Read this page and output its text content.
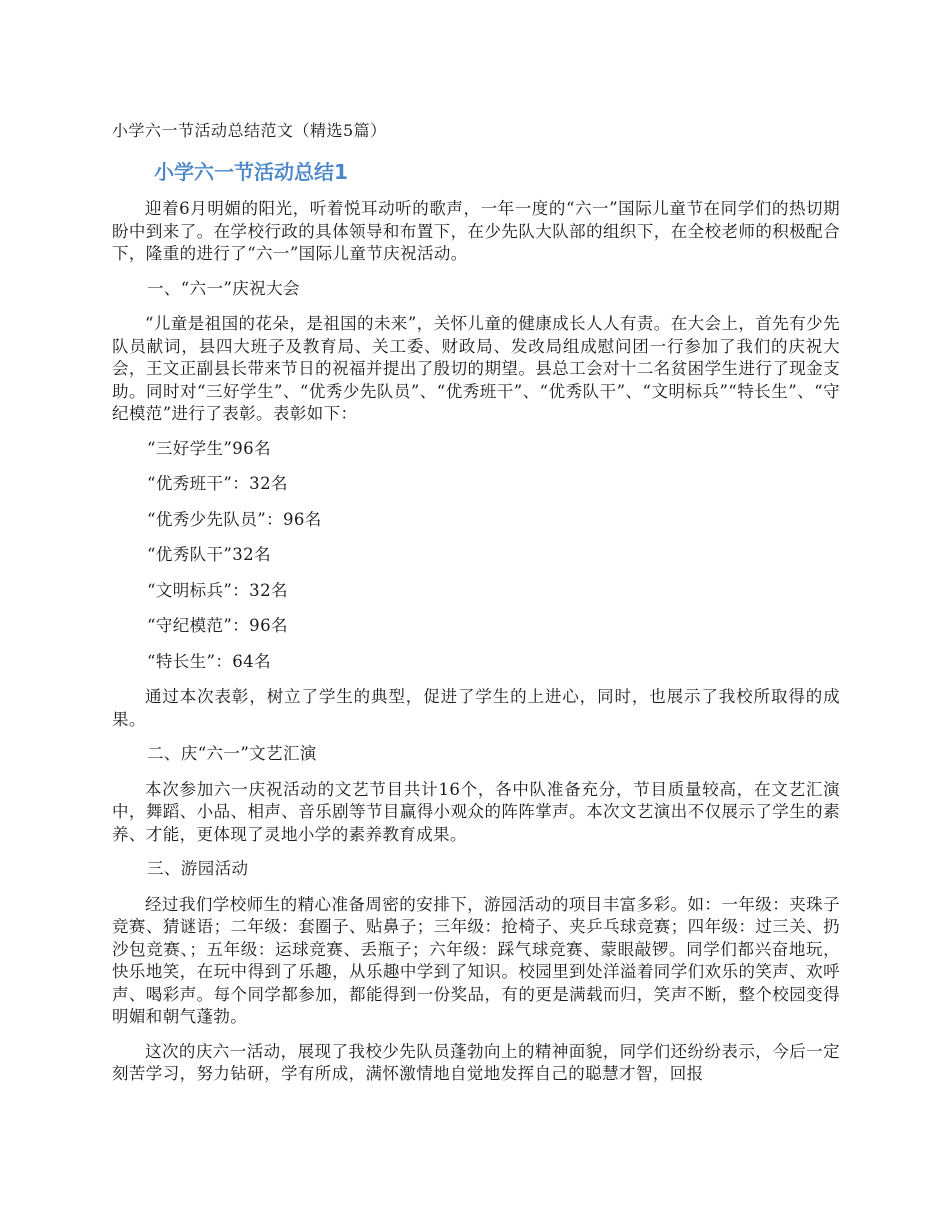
小学六一节活动总结范文（精选5篇）
小学六一节活动总结1

迎着6月明媚的阳光，听着悦耳动听的歌声，一年一度的“六一”国际儿童节在同学们的热切期盼中到来了。在学校行政的具体领导和布置下，在少先队大队部的组织下，在全校老师的积极配合下，隆重的进行了“六一”国际儿童节庆祝活动。

一、“六一”庆祝大会

“儿童是祖国的花朵，是祖国的未来”，关怀儿童的健康成长人人有责。在大会上，首先有少先队员献词，县四大班子及教育局、关工委、财政局、发改局组成慰问团一行参加了我们的庆祝大会，王文正副县长带来节日的祝福并提出了殷切的期望。县总工会对十二名贫困学生进行了现金支助。同时对“三好学生”、“优秀少先队员”、“优秀班干”、“优秀队干”、“文明标兵”“特长生”、“守纪模范”进行了表彰。表彰如下：

“三好学生”96名

“优秀班干”：32名

“优秀少先队员”：96名

“优秀队干”32名

“文明标兵”：32名

“守纪模范”：96名

“特长生”：64名

通过本次表彰，树立了学生的典型，促进了学生的上进心，同时，也展示了我校所取得的成果。

二、庆“六一”文艺汇演

本次参加六一庆祝活动的文艺节目共计16个，各中队准备充分，节目质量较高，在文艺汇演中，舞蹈、小品、相声、音乐剧等节目赢得小观众的阵阵掌声。本次文艺演出不仅展示了学生的素养、才能，更体现了灵地小学的素养教育成果。

三、游园活动

经过我们学校师生的精心准备周密的安排下，游园活动的项目丰富多彩。如：一年级：夹珠子竞赛、猜谜语；二年级：套圈子、贴鼻子；三年级：抢椅子、夹乒乓球竞赛；四年级：过三关、扔沙包竞赛、；五年级：运球竞赛、丢瓶子；六年级：踩气球竞赛、蒙眼敲锣。同学们都兴奋地玩，快乐地笑，在玩中得到了乐趣，从乐趣中学到了知识。校园里到处洋溢着同学们欢乐的笑声、欢呼声、喝彩声。每个同学都参加，都能得到一份奖品，有的更是满载而归，笑声不断，整个校园变得明媚和朝气蓬勃。

这次的庆六一活动，展现了我校少先队员蓬勃向上的精神面貌，同学们还纷纷表示，今后一定刻苦学习，努力钻研，学有所成，满怀激情地自觉地发挥自己的聪慧才智，回报
